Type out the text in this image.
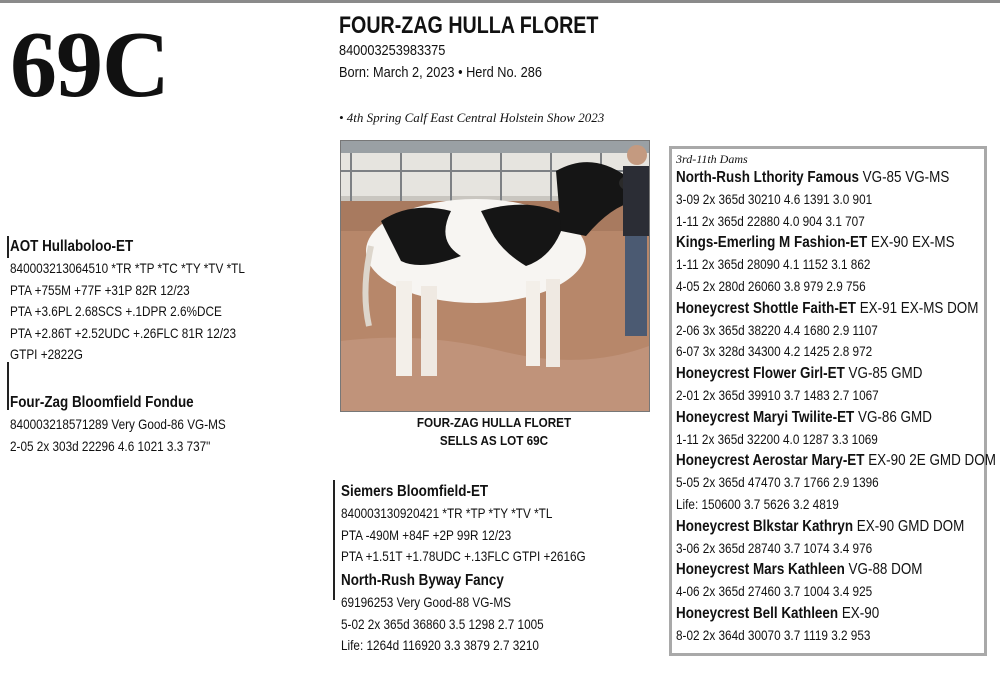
69C	FOUR-ZAG HULLA FLORET
840003253983375
Born: March 2, 2023 • Herd No. 286
• 4th Spring Calf East Central Holstein Show 2023
FOUR-ZAG HULLA FLORET
SELLS AS LOT 69C
AOT Hullaboloo-ET
840003213064510 *TR *TP *TC *TY *TV *TL
PTA +755M +77F +31P 82R 12/23
PTA +3.6PL 2.68SCS +.1DPR 2.6%DCE
PTA +2.86T +2.52UDC +.26FLC 81R 12/23
GTPI +2822G
Four-Zag Bloomfield Fondue
840003218571289 Very Good-86 VG-MS
2-05 2x 303d 22296 4.6 1021 3.3 737"
Siemers Bloomfield-ET
840003130920421 *TR *TP *TY *TV *TL
PTA -490M +84F +2P 99R 12/23
PTA +1.51T +1.78UDC +.13FLC GTPI +2616G
North-Rush Byway Fancy
69196253 Very Good-88 VG-MS
5-02 2x 365d 36860 3.5 1298 2.7 1005
Life: 1264d 116920 3.3 3879 2.7 3210
3rd-11th Dams
North-Rush Lthority Famous VG-85 VG-MS
3-09 2x 365d 30210 4.6 1391 3.0 901
1-11 2x 365d 22880 4.0 904 3.1 707
Kings-Emerling M Fashion-ET EX-90 EX-MS
1-11 2x 365d 28090 4.1 1152 3.1 862
4-05 2x 280d 26060 3.8 979 2.9 756
Honeycrest Shottle Faith-ET EX-91 EX-MS DOM
2-06 3x 365d 38220 4.4 1680 2.9 1107
6-07 3x 328d 34300 4.2 1425 2.8 972
Honeycrest Flower Girl-ET VG-85 GMD
2-01 2x 365d 39910 3.7 1483 2.7 1067
Honeycrest Maryi Twilite-ET VG-86 GMD
1-11 2x 365d 32200 4.0 1287 3.3 1069
Honeycrest Aerostar Mary-ET EX-90 2E GMD DOM
5-05 2x 365d 47470 3.7 1766 2.9 1396
Life: 150600 3.7 5626 3.2 4819
Honeycrest Blkstar Kathryn EX-90 GMD DOM
3-06 2x 365d 28740 3.7 1074 3.4 976
Honeycrest Mars Kathleen VG-88 DOM
4-06 2x 365d 27460 3.7 1004 3.4 925
Honeycrest Bell Kathleen EX-90
8-02 2x 364d 30070 3.7 1119 3.2 953
